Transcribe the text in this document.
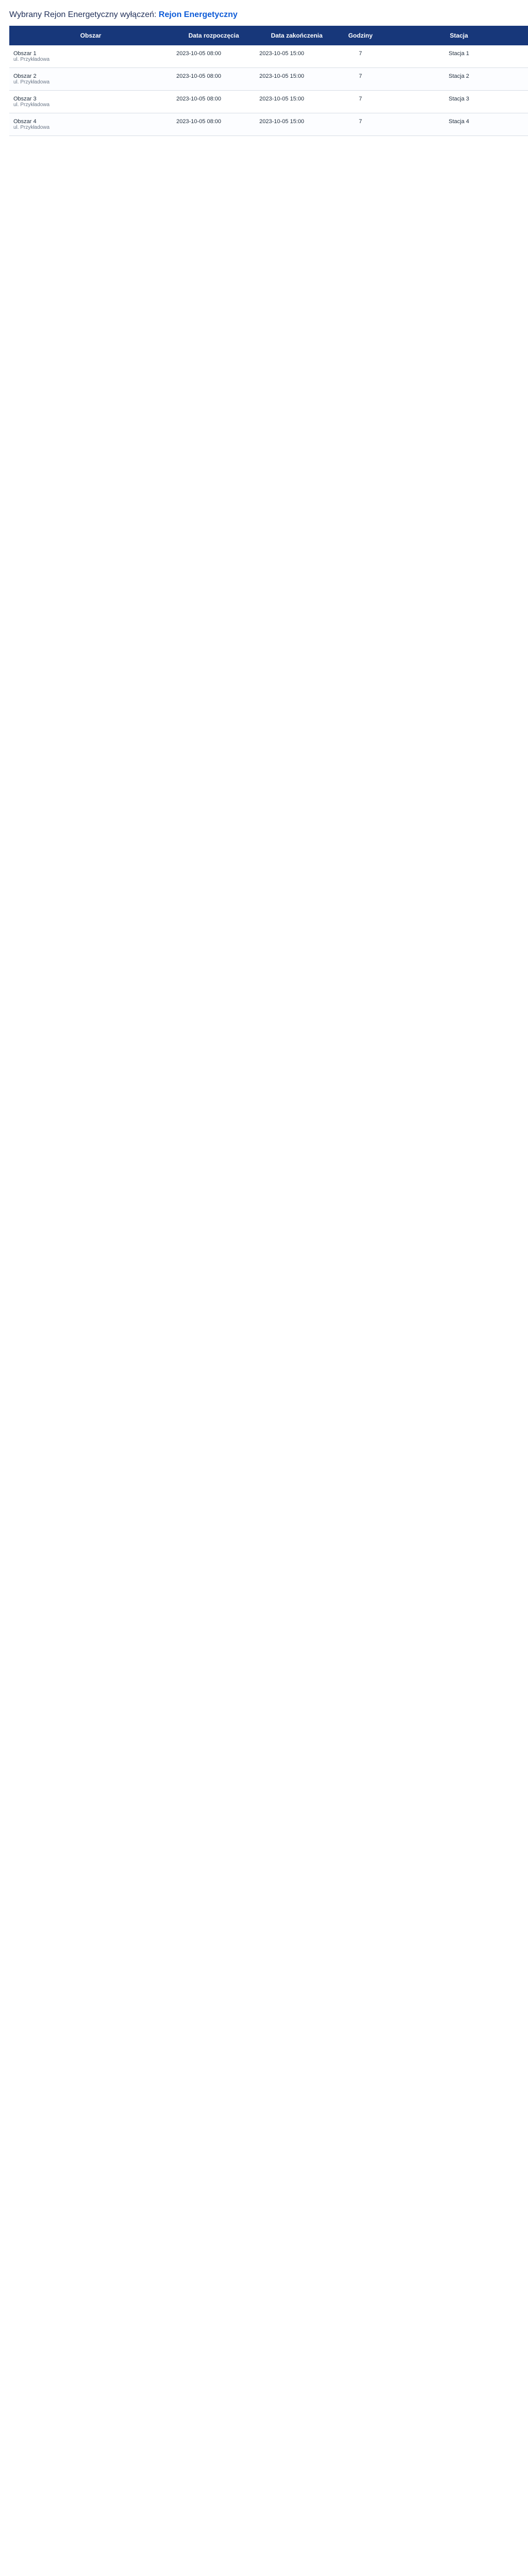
Wybrany Rejon Energetyczny wyłączeń: Rejon Energetyczny
Obszar	Data rozpoczęcia	Data zakończenia	Godziny	Stacja

Obszar 1
ul. Przykładowa	2023-10-05 08:00	2023-10-05 15:00	7	Stacja 1

Obszar 2
ul. Przykładowa	2023-10-05 08:00	2023-10-05 15:00	7	Stacja 2

Obszar 3
ul. Przykładowa	2023-10-05 08:00	2023-10-05 15:00	7	Stacja 3

Obszar 4
ul. Przykładowa	2023-10-05 08:00	2023-10-05 15:00	7	Stacja 4
